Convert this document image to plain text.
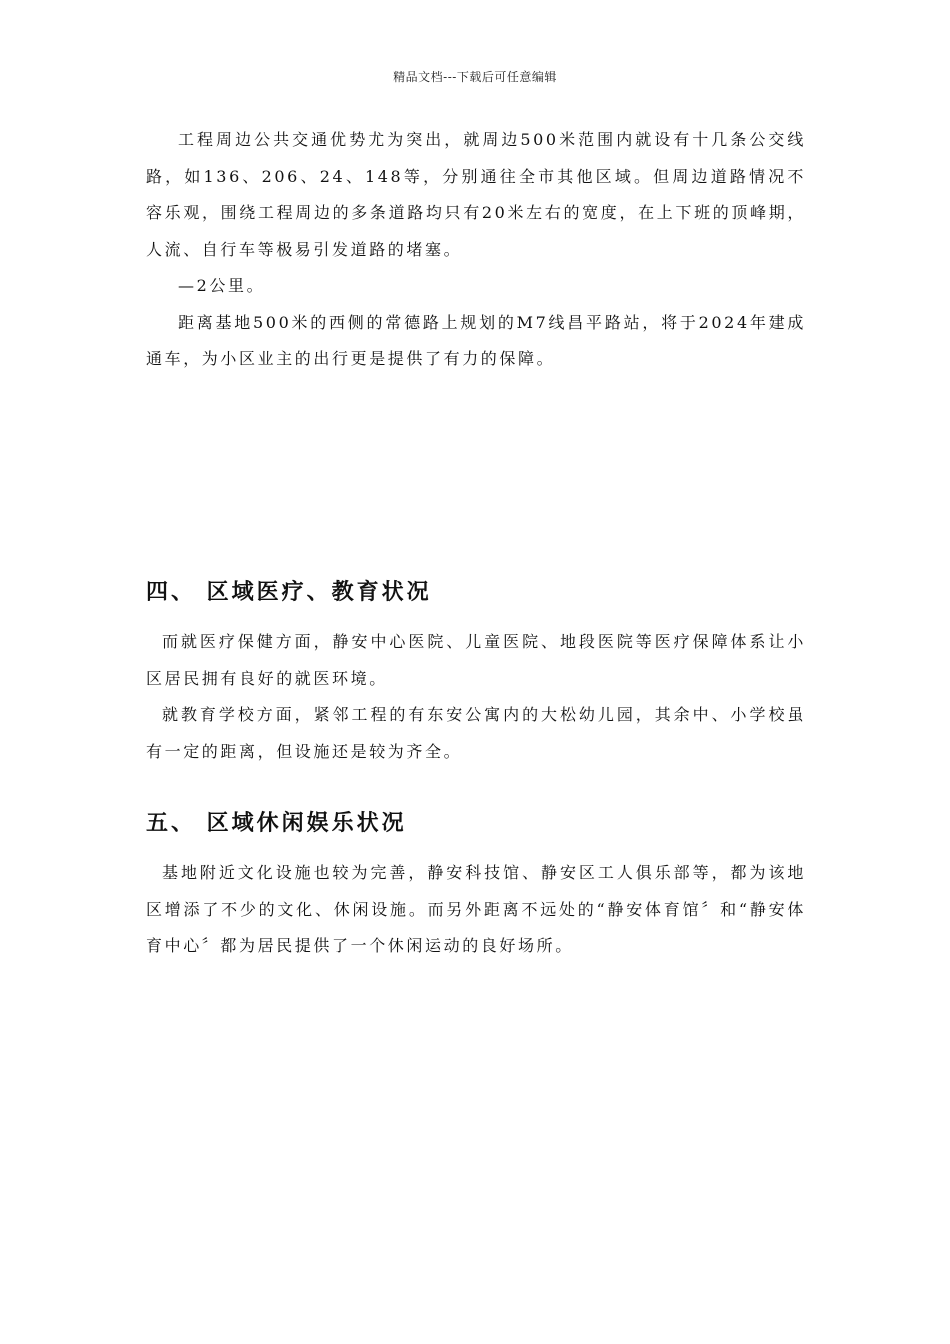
精品文档---下载后可任意编辑

工程周边公共交通优势尤为突出，就周边500米范围内就设有十几条公交线路，如136、206、24、148等，分别通往全市其他区域。但周边道路情况不容乐观，围绕工程周边的多条道路均只有20米左右的宽度，在上下班的顶峰期，人流、自行车等极易引发道路的堵塞。

—2公里。

距离基地500米的西侧的常德路上规划的M7线昌平路站，将于2024年建成通车，为小区业主的出行更是提供了有力的保障。

四、 区域医疗、教育状况

而就医疗保健方面，静安中心医院、儿童医院、地段医院等医疗保障体系让小区居民拥有良好的就医环境。

就教育学校方面，紧邻工程的有东安公寓内的大松幼儿园，其余中、小学校虽有一定的距离，但设施还是较为齐全。

五、 区域休闲娱乐状况

基地附近文化设施也较为完善，静安科技馆、静安区工人俱乐部等，都为该地区增添了不少的文化、休闲设施。而另外距离不远处的“静安体育馆〞和“静安体育中心〞都为居民提供了一个休闲运动的良好场所。
